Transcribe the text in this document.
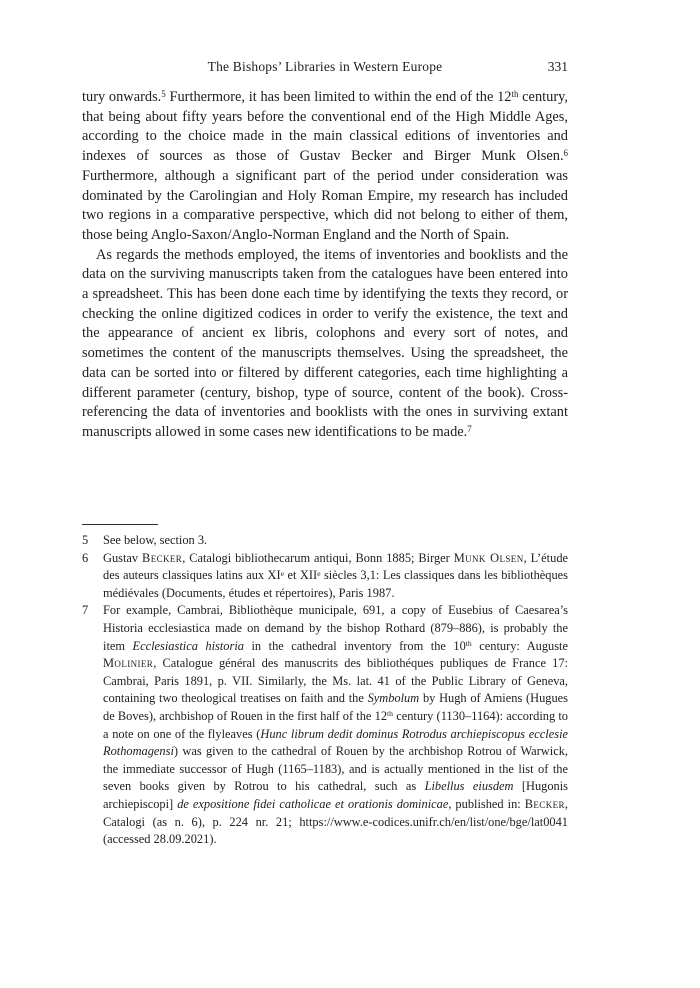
The Bishops’ Libraries in Western Europe	331

tury onwards.$^5$ Furthermore, it has been limited to within the end of the 12th century, that being about fifty years before the conventional end of the High Middle Ages, according to the choice made in the main classical editions of inventories and indexes of sources as those of Gustav Becker and Birger Munk Olsen.$^6$ Furthermore, although a significant part of the period under consideration was dominated by the Carolingian and Holy Roman Empire, my research has included two regions in a comparative perspective, which did not belong to either of them, those being Anglo-Saxon/Anglo-Norman England and the North of Spain.

As regards the methods employed, the items of inventories and booklists and the data on the surviving manuscripts taken from the catalogues have been entered into a spreadsheet. This has been done each time by identifying the texts they record, or checking the online digitized codices in order to verify the existence, the text and the appearance of ancient ex libris, colophons and every sort of notes, and sometimes the content of the manuscripts themselves. Using the spreadsheet, the data can be sorted into or filtered by different categories, each time highlighting a different parameter (century, bishop, type of source, content of the book). Cross-referencing the data of inventories and booklists with the ones in surviving extant manuscripts allowed in some cases new identifications to be made.$^7$

5 See below, section 3.
6 Gustav Becker, Catalogi bibliothecarum antiqui, Bonn 1885; Birger Munk Olsen, L’étude des auteurs classiques latins aux XIe et XIIe siècles 3,1: Les classiques dans les bibliothèques médiévales (Documents, études et répertoires), Paris 1987.
7 For example, Cambrai, Bibliothèque municipale, 691, a copy of Eusebius of Caesarea’s Historia ecclesiastica made on demand by the bishop Rothard (879–886), is probably the item Ecclesiastica historia in the cathedral inventory from the 10th century: Auguste Molinier, Catalogue général des manuscrits des bibliothéques publiques de France 17: Cambrai, Paris 1891, p. VII. Similarly, the Ms. lat. 41 of the Public Library of Geneva, containing two theological treatises on faith and the Symbolum by Hugh of Amiens (Hugues de Boves), archbishop of Rouen in the first half of the 12th century (1130–1164): according to a note on one of the flyleaves (Hunc librum dedit dominus Rotrodus archiepiscopus ecclesie Rothomagensi) was given to the cathedral of Rouen by the archbishop Rotrou of Warwick, the immediate successor of Hugh (1165–1183), and is actually mentioned in the list of the seven books given by Rotrou to his cathedral, such as Libellus eiusdem [Hugonis archiepiscopi] de expositione fidei catholicae et orationis dominicae, published in: Becker, Catalogi (as n. 6), p. 224 nr. 21; https://www.e-codices.unifr.ch/en/list/one/bge/lat0041 (accessed 28.09.2021).
